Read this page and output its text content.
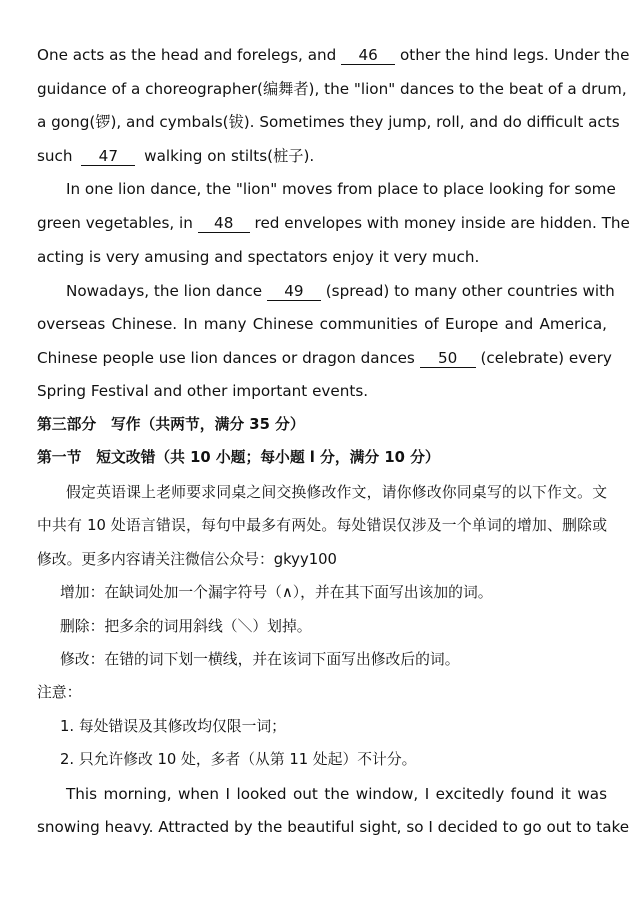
One acts as the head and forelegs, and 46 other the hind legs. Under the
guidance of a choreographer(编舞者), the "lion" dances to the beat of a drum,
a gong(锣), and cymbals(钹). Sometimes they jump, roll, and do difficult acts
such 47 walking on stilts(桩子).
In one lion dance, the "lion" moves from place to place looking for some
green vegetables, in 48 red envelopes with money inside are hidden. The
acting is very amusing and spectators enjoy it very much.
Nowadays, the lion dance 49 (spread) to many other countries with
overseas Chinese. In many Chinese communities of Europe and America,
Chinese people use lion dances or dragon dances 50 (celebrate) every
Spring Festival and other important events.
第三部分　写作（共两节，满分 35 分）
第一节　短文改错（共 10 小题；每小题 l 分，满分 10 分）
假定英语课上老师要求同桌之间交换修改作文，请你修改你同桌写的以下作文。文
中共有 10 处语言错误，每句中最多有两处。每处错误仅涉及一个单词的增加、删除或
修改。更多内容请关注微信公众号：gkyy100
增加：在缺词处加一个漏字符号（∧），并在其下面写出该加的词。
删除：把多余的词用斜线（＼）划掉。
修改：在错的词下划一横线，并在该词下面写出修改后的词。
注意：
1. 每处错误及其修改均仅限一词；
2. 只允许修改 10 处，多者（从第 11 处起）不计分。
This morning, when I looked out the window, I excitedly found it was
snowing heavy. Attracted by the beautiful sight, so I decided to go out to take
